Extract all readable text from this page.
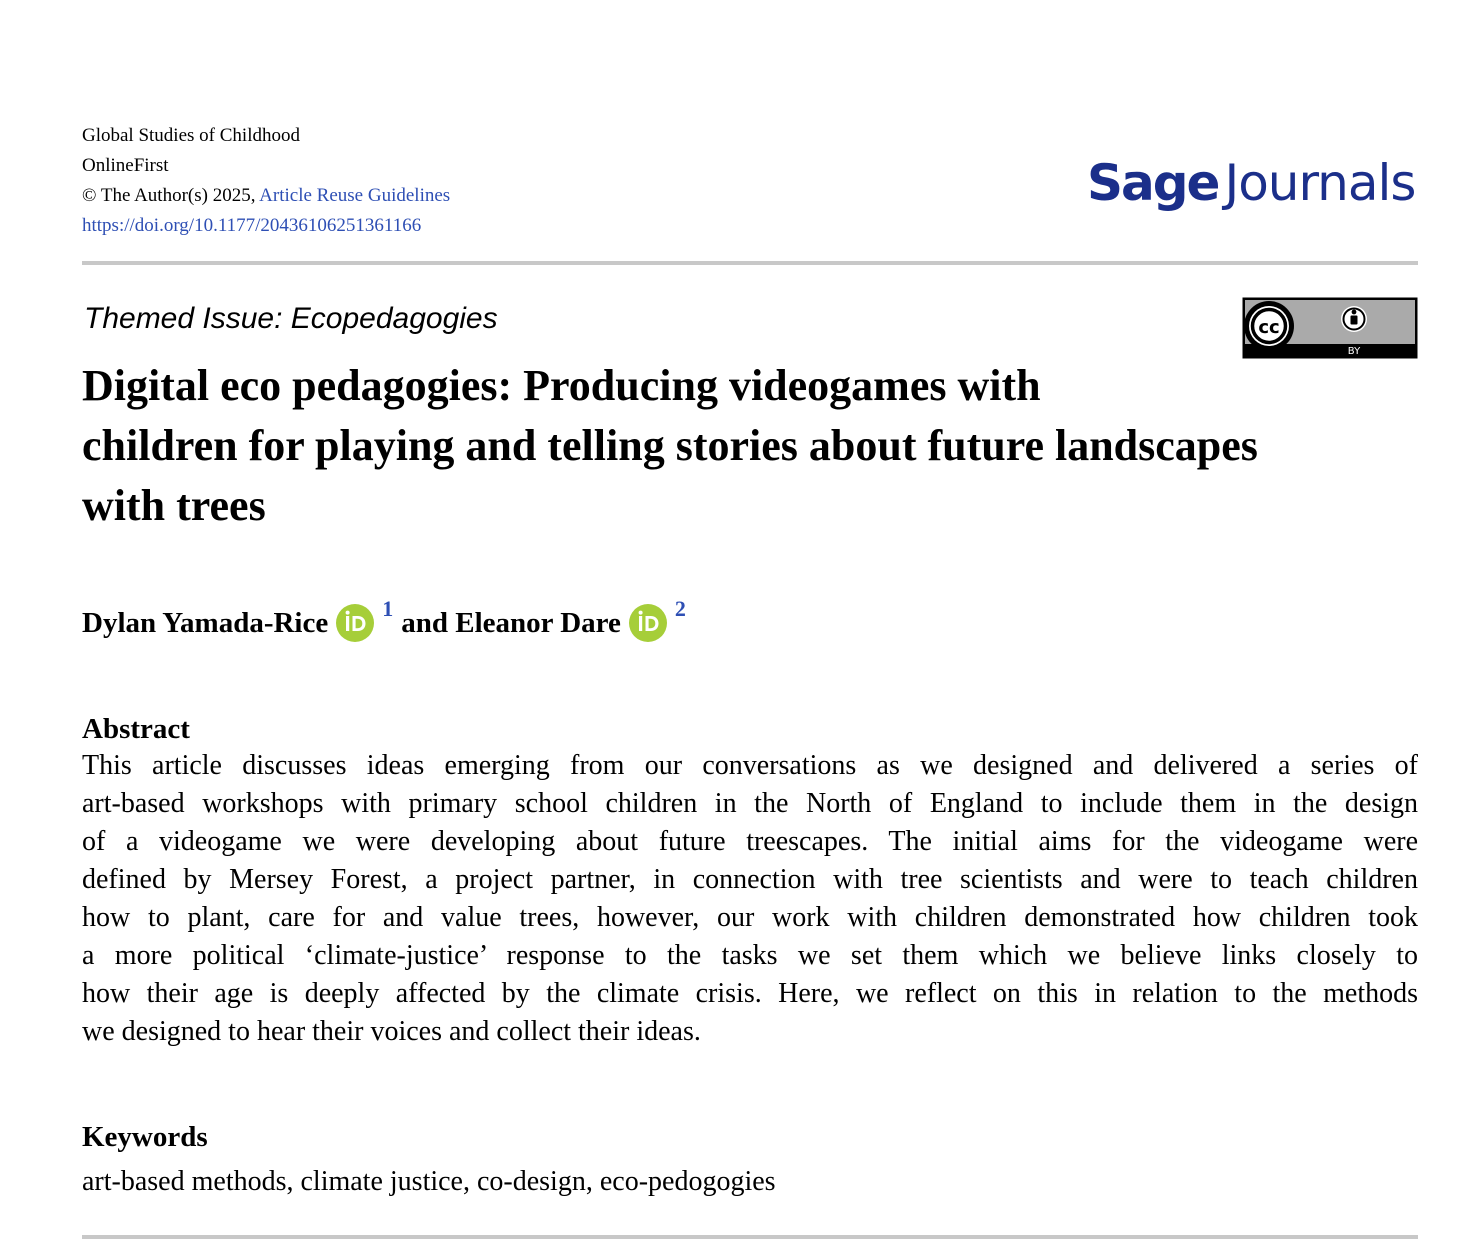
Global Studies of Childhood
OnlineFirst
© The Author(s) 2025, Article Reuse Guidelines
https://doi.org/10.1177/20436106251361166
Sage Journals
Themed Issue: Ecopedagogies	cc
BY
Digital eco pedagogies: Producing videogames with
children for playing and telling stories about future landscapes
with trees
Dylan Yamada-Rice $^1$ and Eleanor Dare $^2$
Abstract
This article discusses ideas emerging from our conversations as we designed and delivered a series of
art-based workshops with primary school children in the North of England to include them in the design
of a videogame we were developing about future treescapes. The initial aims for the videogame were
defined by Mersey Forest, a project partner, in connection with tree scientists and were to teach children
how to plant, care for and value trees, however, our work with children demonstrated how children took
a more political ‘climate-justice’ response to the tasks we set them which we believe links closely to
how their age is deeply affected by the climate crisis. Here, we reflect on this in relation to the methods
we designed to hear their voices and collect their ideas.
Keywords
art-based methods, climate justice, co-design, eco-pedogogies
